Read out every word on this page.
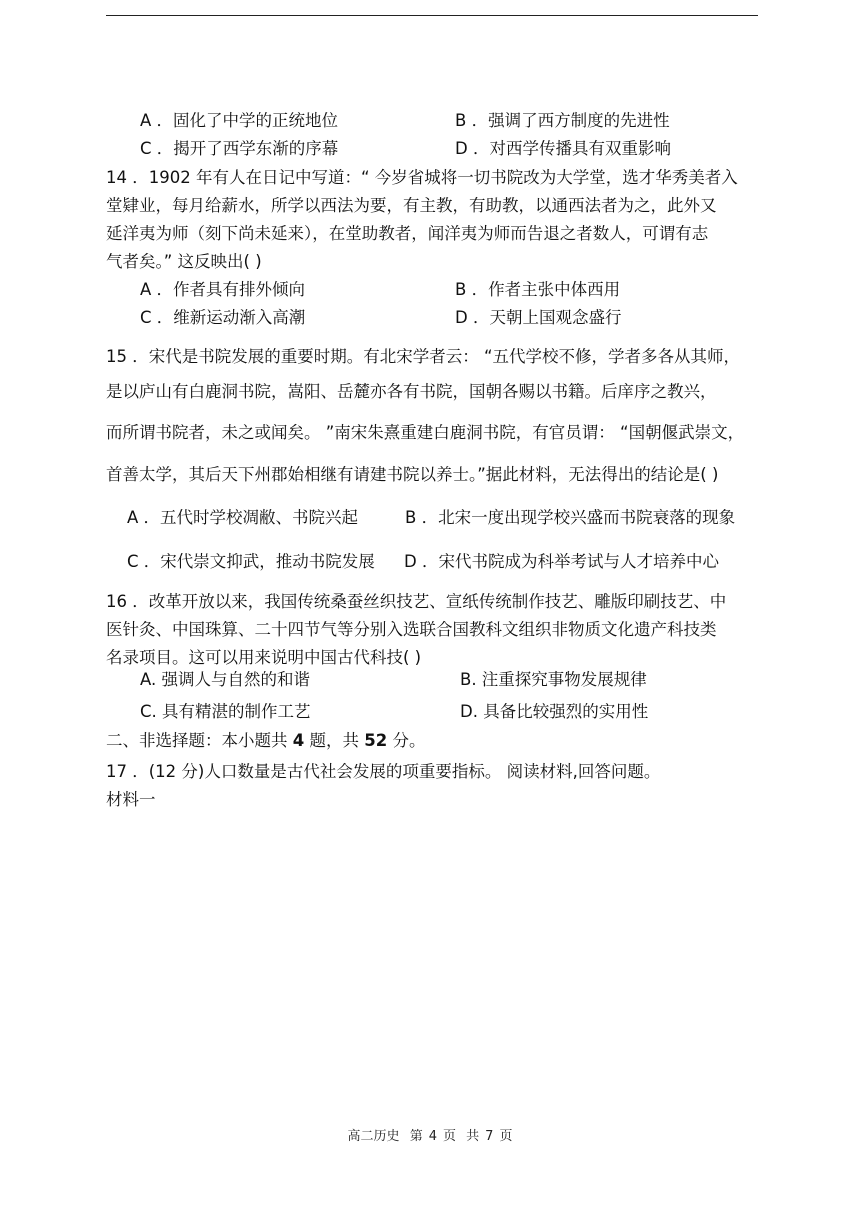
A ．固化了中学的正统地位	B ．强调了西方制度的先进性
C ．揭开了西学东渐的序幕	D ．对西学传播具有双重影响
14 ．1902 年有人在日记中写道：“ 今岁省城将一切书院改为大学堂，选才华秀美者入
堂肄业，每月给薪水，所学以西法为要，有主教，有助教，以通西法者为之，此外又
延洋夷为师（刻下尚未延来），在堂助教者，闻洋夷为师而告退之者数人，可谓有志
气者矣。” 这反映出( )
A ．作者具有排外倾向	B ．作者主张中体西用
C ．维新运动渐入高潮	D ．天朝上国观念盛行
15 ．宋代是书院发展的重要时期。有北宋学者云： “五代学校不修，学者多各从其师，
是以庐山有白鹿洞书院，嵩阳、岳麓亦各有书院，国朝各赐以书籍。后庠序之教兴，
而所谓书院者，未之或闻矣。 ”南宋朱熹重建白鹿洞书院，有官员谓： “国朝偃武崇文，
首善太学，其后天下州郡始相继有请建书院以养士。”据此材料，无法得出的结论是( )
A ．五代时学校凋敝、书院兴起	B ．北宋一度出现学校兴盛而书院衰落的现象
C ．宋代崇文抑武，推动书院发展 D ．宋代书院成为科举考试与人才培养中心
16 ．改革开放以来，我国传统桑蚕丝织技艺、宣纸传统制作技艺、雕版印刷技艺、中
医针灸、中国珠算、二十四节气等分别入选联合国教科文组织非物质文化遗产科技类
名录项目。这可以用来说明中国古代科技( )
A. 强调人与自然的和谐	B. 注重探究事物发展规律
C. 具有精湛的制作工艺	D. 具备比较强烈的实用性
二、非选择题：本小题共 4 题，共 52 分。
17 ．(12 分)人口数量是古代社会发展的项重要指标。 阅读材料,回答问题。
材料一
高二历史 第 4 页 共 7 页
